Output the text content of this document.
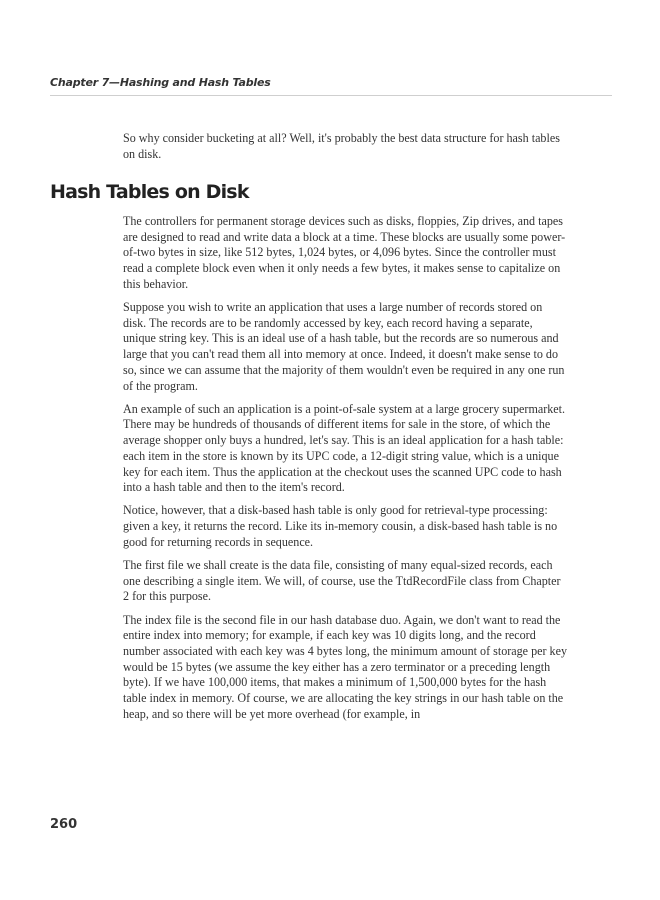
Chapter 7—Hashing and Hash Tables

So why consider bucketing at all? Well, it's probably the best data structure for hash tables on disk.

Hash Tables on Disk

The controllers for permanent storage devices such as disks, floppies, Zip drives, and tapes are designed to read and write data a block at a time. These blocks are usually some power-of-two bytes in size, like 512 bytes, 1,024 bytes, or 4,096 bytes. Since the controller must read a complete block even when it only needs a few bytes, it makes sense to capitalize on this behavior.

Suppose you wish to write an application that uses a large number of records stored on disk. The records are to be randomly accessed by key, each record having a separate, unique string key. This is an ideal use of a hash table, but the records are so numerous and large that you can't read them all into memory at once. Indeed, it doesn't make sense to do so, since we can assume that the majority of them wouldn't even be required in any one run of the program.

An example of such an application is a point-of-sale system at a large grocery supermarket. There may be hundreds of thousands of different items for sale in the store, of which the average shopper only buys a hundred, let's say. This is an ideal application for a hash table: each item in the store is known by its UPC code, a 12-digit string value, which is a unique key for each item. Thus the application at the checkout uses the scanned UPC code to hash into a hash table and then to the item's record.

Notice, however, that a disk-based hash table is only good for retrieval-type processing: given a key, it returns the record. Like its in-memory cousin, a disk-based hash table is no good for returning records in sequence.

The first file we shall create is the data file, consisting of many equal-sized records, each one describing a single item. We will, of course, use the TtdRecordFile class from Chapter 2 for this purpose.

The index file is the second file in our hash database duo. Again, we don't want to read the entire index into memory; for example, if each key was 10 digits long, and the record number associated with each key was 4 bytes long, the minimum amount of storage per key would be 15 bytes (we assume the key either has a zero terminator or a preceding length byte). If we have 100,000 items, that makes a minimum of 1,500,000 bytes for the hash table index in memory. Of course, we are allocating the key strings in our hash table on the heap, and so there will be yet more overhead (for example, in

260
